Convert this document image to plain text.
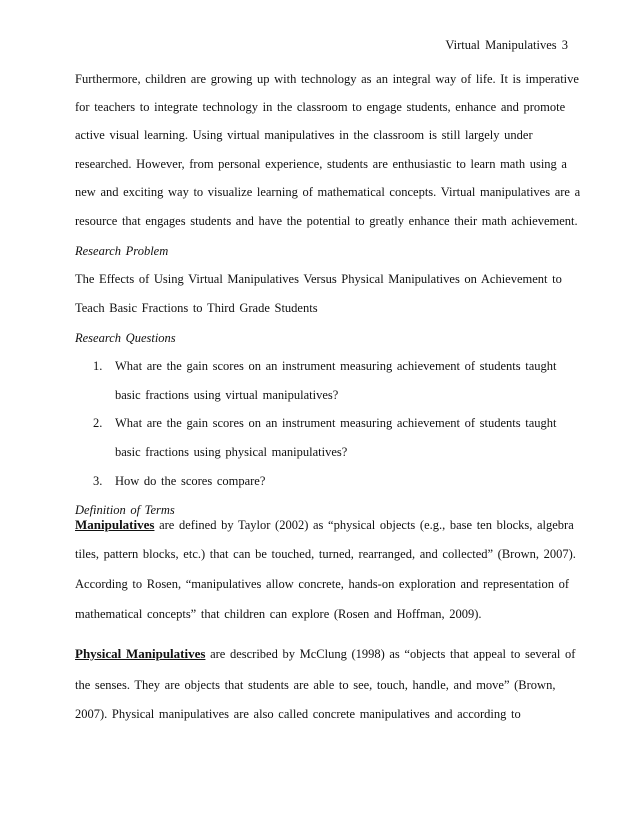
Virtual Manipulatives 3
Furthermore, children are growing up with technology as an integral way of life. It is imperative
for teachers to integrate technology in the classroom to engage students, enhance and promote
active visual learning. Using virtual manipulatives in the classroom is still largely under
researched. However, from personal experience, students are enthusiastic to learn math using a
new and exciting way to visualize learning of mathematical concepts. Virtual manipulatives are a
resource that engages students and have the potential to greatly enhance their math achievement.
Research Problem
The Effects of Using Virtual Manipulatives Versus Physical Manipulatives on Achievement to
Teach Basic Fractions to Third Grade Students
Research Questions
1. What are the gain scores on an instrument measuring achievement of students taught
basic fractions using virtual manipulatives?
2. What are the gain scores on an instrument measuring achievement of students taught
basic fractions using physical manipulatives?
3. How do the scores compare?
Definition of Terms
Manipulatives are defined by Taylor (2002) as “physical objects (e.g., base ten blocks, algebra
tiles, pattern blocks, etc.) that can be touched, turned, rearranged, and collected” (Brown, 2007).
According to Rosen, “manipulatives allow concrete, hands-on exploration and representation of
mathematical concepts” that children can explore (Rosen and Hoffman, 2009).
Physical Manipulatives are described by McClung (1998) as “objects that appeal to several of
the senses. They are objects that students are able to see, touch, handle, and move” (Brown,
2007). Physical manipulatives are also called concrete manipulatives and according to
